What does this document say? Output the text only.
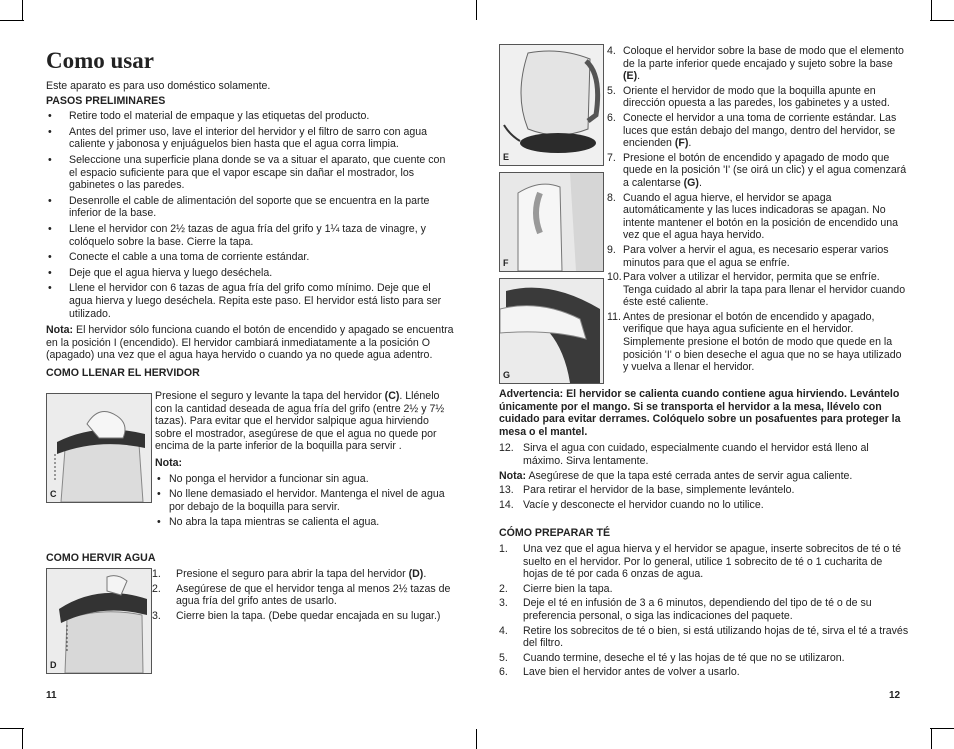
Como usar

Este aparato es para uso doméstico solamente.

PASOS PRELIMINARES

• Retire todo el material de empaque y las etiquetas del producto.
• Antes del primer uso, lave el interior del hervidor y el filtro de sarro con agua caliente y jabonosa y enjuáguelos bien hasta que el agua corra limpia.
• Seleccione una superficie plana donde se va a situar el aparato, que cuente con el espacio suficiente para que el vapor escape sin dañar el mostrador, los gabinetes o las paredes.
• Desenrolle el cable de alimentación del soporte que se encuentra en la parte inferior de la base.
• Llene el hervidor con 2½ tazas de agua fría del grifo y 1¼ taza de vinagre, y colóquelo sobre la base. Cierre la tapa.
• Conecte el cable a una toma de corriente estándar.
• Deje que el agua hierva y luego deséchela.
• Llene el hervidor con 6 tazas de agua fría del grifo como mínimo. Deje que el agua hierva y luego deséchela. Repita este paso. El hervidor está listo para ser utilizado.

Nota: El hervidor sólo funciona cuando el botón de encendido y apagado se encuentra en la posición I (encendido). El hervidor cambiará inmediatamente a la posición O (apagado) una vez que el agua haya hervido o cuando ya no quede agua adentro.

COMO LLENAR EL HERVIDOR

C

Presione el seguro y levante la tapa del hervidor (C). Llénelo con la cantidad deseada de agua fría del grifo (entre 2½ y 7½ tazas). Para evitar que el hervidor salpique agua hirviendo sobre el mostrador, asegúrese de que el agua no quede por encima de la parte inferior de la boquilla para servir .

Nota:

• No ponga el hervidor a funcionar sin agua.
• No llene demasiado el hervidor. Mantenga el nivel de agua por debajo de la boquilla para servir.
• No abra la tapa mientras se calienta el agua.

COMO HERVIR AGUA

D
1. Presione el seguro para abrir la tapa del hervidor (D).
2. Asegúrese de que el hervidor tenga al menos 2½ tazas de agua fría del grifo antes de usarlo.
3. Cierre bien la tapa. (Debe quedar encajada en su lugar.)
11
E
F
G
4. Coloque el hervidor sobre la base de modo que el elemento de la parte inferior quede encajado y sujeto sobre la base (E).
5. Oriente el hervidor de modo que la boquilla apunte en dirección opuesta a las paredes, los gabinetes y a usted.
6. Conecte el hervidor a una toma de corriente estándar. Las luces que están debajo del mango, dentro del hervidor, se encienden (F).
7. Presione el botón de encendido y apagado de modo que quede en la posición 'I' (se oirá un clic) y el agua comenzará a calentarse (G).
8. Cuando el agua hierve, el hervidor se apaga automáticamente y las luces indicadoras se apagan. No intente mantener el botón en la posición de encendido una vez que el agua haya hervido.
9. Para volver a hervir el agua, es necesario esperar varios minutos para que el agua se enfríe.
10. Para volver a utilizar el hervidor, permita que se enfríe. Tenga cuidado al abrir la tapa para llenar el hervidor cuando éste esté caliente.
11. Antes de presionar el botón de encendido y apagado, verifique que haya agua suficiente en el hervidor. Simplemente presione el botón de modo que quede en la posición 'I' o bien deseche el agua que no se haya utilizado y vuelva a llenar el hervidor.

Advertencia: El hervidor se calienta cuando contiene agua hirviendo. Levántelo únicamente por el mango. Si se transporta el hervidor a la mesa, llévelo con cuidado para evitar derrames. Colóquelo sobre un posafuentes para proteger la mesa o el mantel.

12. Sirva el agua con cuidado, especialmente cuando el hervidor está lleno al máximo. Sirva lentamente.

Nota: Asegúrese de que la tapa esté cerrada antes de servir agua caliente.

13. Para retirar el hervidor de la base, simplemente levántelo.
14. Vacíe y desconecte el hervidor cuando no lo utilice.

CÓMO PREPARAR TÉ

1. Una vez que el agua hierva y el hervidor se apague, inserte sobrecitos de té o té suelto en el hervidor. Por lo general, utilice 1 sobrecito de té o 1 cucharita de hojas de té por cada 6 onzas de agua.
2. Cierre bien la tapa.
3. Deje el té en infusión de 3 a 6 minutos, dependiendo del tipo de té o de su preferencia personal, o siga las indicaciones del paquete.
4. Retire los sobrecitos de té o bien, si está utilizando hojas de té, sirva el té a través del filtro.
5. Cuando termine, deseche el té y las hojas de té que no se utilizaron.
6. Lave bien el hervidor antes de volver a usarlo.
12
